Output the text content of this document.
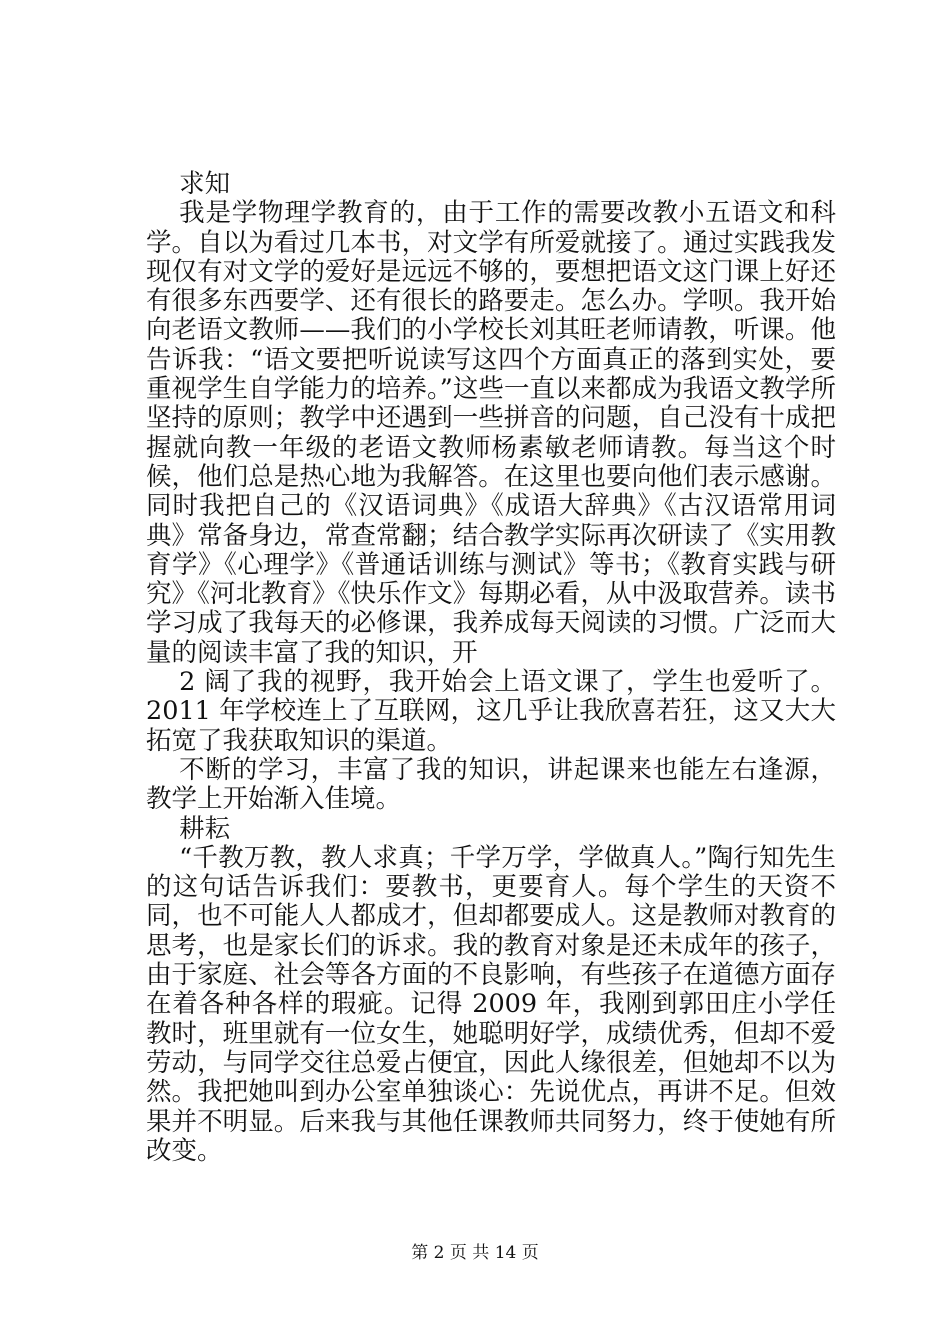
求知

我是学物理学教育的，由于工作的需要改教小五语文和科学。自以为看过几本书，对文学有所爱就接了。通过实践我发现仅有对文学的爱好是远远不够的，要想把语文这门课上好还有很多东西要学、还有很长的路要走。怎么办。学呗。我开始向老语文教师——我们的小学校长刘其旺老师请教，听课。他告诉我：“语文要把听说读写这四个方面真正的落到实处，要重视学生自学能力的培养。”这些一直以来都成为我语文教学所坚持的原则；教学中还遇到一些拼音的问题，自己没有十成把握就向教一年级的老语文教师杨素敏老师请教。每当这个时候，他们总是热心地为我解答。在这里也要向他们表示感谢。同时我把自己的《汉语词典》《成语大辞典》《古汉语常用词典》常备身边，常查常翻；结合教学实际再次研读了《实用教育学》《心理学》《普通话训练与测试》等书；《教育实践与研究》《河北教育》《快乐作文》每期必看，从中汲取营养。读书学习成了我每天的必修课，我养成每天阅读的习惯。广泛而大量的阅读丰富了我的知识，开

2 阔了我的视野，我开始会上语文课了，学生也爱听了。2011 年学校连上了互联网，这几乎让我欣喜若狂，这又大大拓宽了我获取知识的渠道。

不断的学习，丰富了我的知识，讲起课来也能左右逢源，教学上开始渐入佳境。

耕耘

“千教万教，教人求真；千学万学，学做真人。”陶行知先生的这句话告诉我们：要教书，更要育人。每个学生的天资不同，也不可能人人都成才，但却都要成人。这是教师对教育的思考，也是家长们的诉求。我的教育对象是还未成年的孩子，由于家庭、社会等各方面的不良影响，有些孩子在道德方面存在着各种各样的瑕疵。记得 2009 年，我刚到郭田庄小学任教时，班里就有一位女生，她聪明好学，成绩优秀，但却不爱劳动，与同学交往总爱占便宜，因此人缘很差，但她却不以为然。我把她叫到办公室单独谈心：先说优点，再讲不足。但效果并不明显。后来我与其他任课教师共同努力，终于使她有所改变。

第 2 页 共 14 页
